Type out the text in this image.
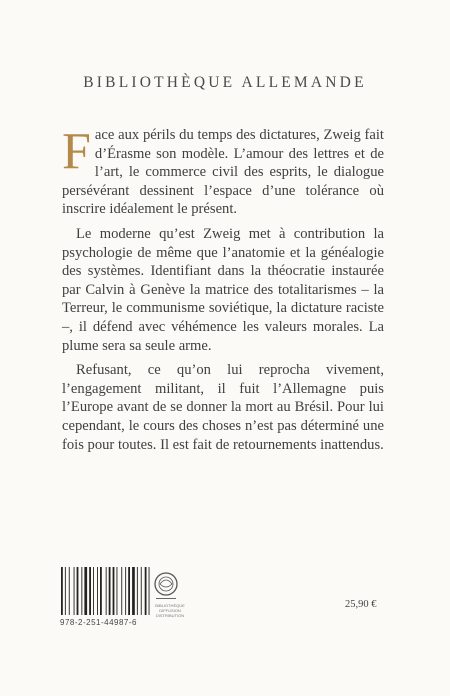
BIBLIOTHÈQUE ALLEMANDE

Face aux périls du temps des dictatures, Zweig fait d’Érasme son modèle. L’amour des lettres et de l’art, le commerce civil des esprits, le dialogue persévérant dessinent l’espace d’une tolérance où inscrire idéalement le présent.

Le moderne qu’est Zweig met à contribution la psychologie de même que l’anatomie et la généalogie des systèmes. Identifiant dans la théocratie instaurée par Calvin à Genève la matrice des totalitarismes – la Terreur, le communisme soviétique, la dictature raciste –, il défend avec véhémence les valeurs morales. La plume sera sa seule arme.

Refusant, ce qu’on lui reprocha vivement, l’engagement militant, il fuit l’Allemagne puis l’Europe avant de se donner la mort au Brésil. Pour lui cependant, le cours des choses n’est pas déterminé une fois pour toutes. Il est fait de retournements inattendus.

978-2-251-44987-6
BIBLIOTHÈQUE DIFFUSION DISTRIBUTION
25,90 €
